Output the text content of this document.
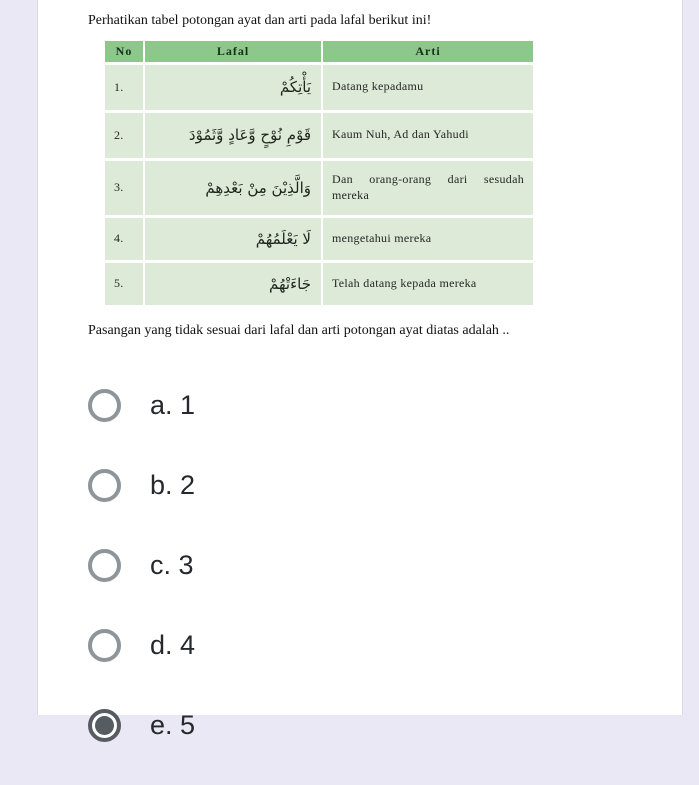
Perhatikan tabel potongan ayat dan arti pada lafal berikut ini!

No	Lafal	Arti
1.	يَأْتِكُمْ	Datang kepadamu
2.	قَوْمِ نُوْحٍ وَّعَادٍ وَّثَمُوْدَ	Kaum Nuh, Ad dan Yahudi
3.	وَالَّذِيْنَ مِنْ بَعْدِهِمْ	Dan orang-orang dari sesudah mereka
4.	لَا يَعْلَمُهُمْ	mengetahui mereka
5.	جَاءَتْهُمْ	Telah datang kepada mereka

Pasangan yang tidak sesuai dari lafal dan arti potongan ayat diatas adalah ..

a. 1
b. 2
c. 3
d. 4
e. 5
